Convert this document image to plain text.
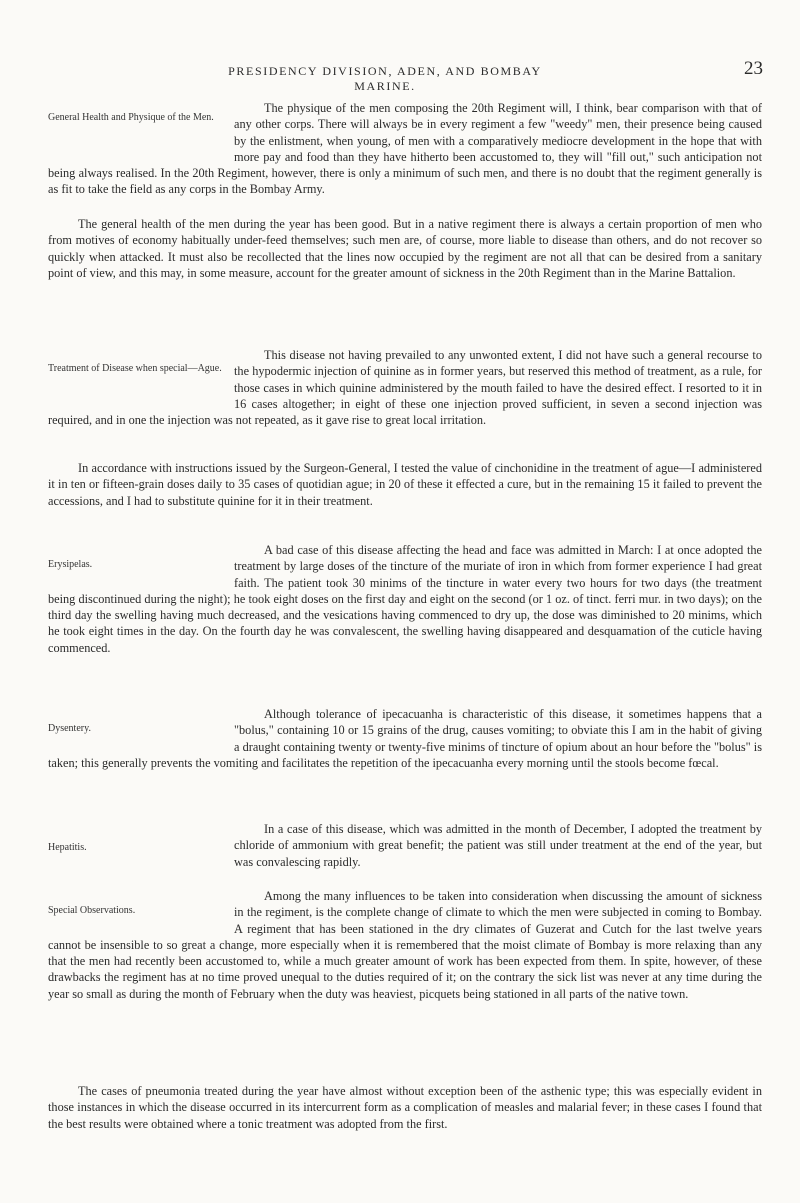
PRESIDENCY DIVISION, ADEN, AND BOMBAY MARINE.
23
General Health and Physique of the Men.

The physique of the men composing the 20th Regiment will, I think, bear comparison with that of any other corps. There will always be in every regiment a few "weedy" men, their presence being caused by the enlistment, when young, of men with a comparatively mediocre development in the hope that with more pay and food than they have hitherto been accustomed to, they will "fill out," such anticipation not being always realised. In the 20th Regiment, however, there is only a minimum of such men, and there is no doubt that the regiment generally is as fit to take the field as any corps in the Bombay Army.

The general health of the men during the year has been good. But in a native regiment there is always a certain proportion of men who from motives of economy habitually under-feed themselves; such men are, of course, more liable to disease than others, and do not recover so quickly when attacked. It must also be recollected that the lines now occupied by the regiment are not all that can be desired from a sanitary point of view, and this may, in some measure, account for the greater amount of sickness in the 20th Regiment than in the Marine Battalion.

Treatment of Disease when special—Ague.

This disease not having prevailed to any unwonted extent, I did not have such a general recourse to the hypodermic injection of quinine as in former years, but reserved this method of treatment, as a rule, for those cases in which quinine administered by the mouth failed to have the desired effect. I resorted to it in 16 cases altogether; in eight of these one injection proved sufficient, in seven a second injection was required, and in one the injection was not repeated, as it gave rise to great local irritation.

In accordance with instructions issued by the Surgeon-General, I tested the value of cinchonidine in the treatment of ague—I administered it in ten or fifteen-grain doses daily to 35 cases of quotidian ague; in 20 of these it effected a cure, but in the remaining 15 it failed to prevent the accessions, and I had to substitute quinine for it in their treatment.

Erysipelas.

A bad case of this disease affecting the head and face was admitted in March: I at once adopted the treatment by large doses of the tincture of the muriate of iron in which from former experience I had great faith. The patient took 30 minims of the tincture in water every two hours for two days (the treatment being discontinued during the night); he took eight doses on the first day and eight on the second (or 1 oz. of tinct. ferri mur. in two days); on the third day the swelling having much decreased, and the vesications having commenced to dry up, the dose was diminished to 20 minims, which he took eight times in the day. On the fourth day he was convalescent, the swelling having disappeared and desquamation of the cuticle having commenced.

Dysentery.

Although tolerance of ipecacuanha is characteristic of this disease, it sometimes happens that a "bolus," containing 10 or 15 grains of the drug, causes vomiting; to obviate this I am in the habit of giving a draught containing twenty or twenty-five minims of tincture of opium about an hour before the "bolus" is taken; this generally prevents the vomiting and facilitates the repetition of the ipecacuanha every morning until the stools become fœcal.

Hepatitis.

In a case of this disease, which was admitted in the month of December, I adopted the treatment by chloride of ammonium with great benefit; the patient was still under treatment at the end of the year, but was convalescing rapidly.

Special Observations.

Among the many influences to be taken into consideration when discussing the amount of sickness in the regiment, is the complete change of climate to which the men were subjected in coming to Bombay. A regiment that has been stationed in the dry climates of Guzerat and Cutch for the last twelve years cannot be insensible to so great a change, more especially when it is remembered that the moist climate of Bombay is more relaxing than any that the men had recently been accustomed to, while a much greater amount of work has been expected from them. In spite, however, of these drawbacks the regiment has at no time proved unequal to the duties required of it; on the contrary the sick list was never at any time during the year so small as during the month of February when the duty was heaviest, picquets being stationed in all parts of the native town.

The cases of pneumonia treated during the year have almost without exception been of the asthenic type; this was especially evident in those instances in which the disease occurred in its intercurrent form as a complication of measles and malarial fever; in these cases I found that the best results were obtained where a tonic treatment was adopted from the first.
